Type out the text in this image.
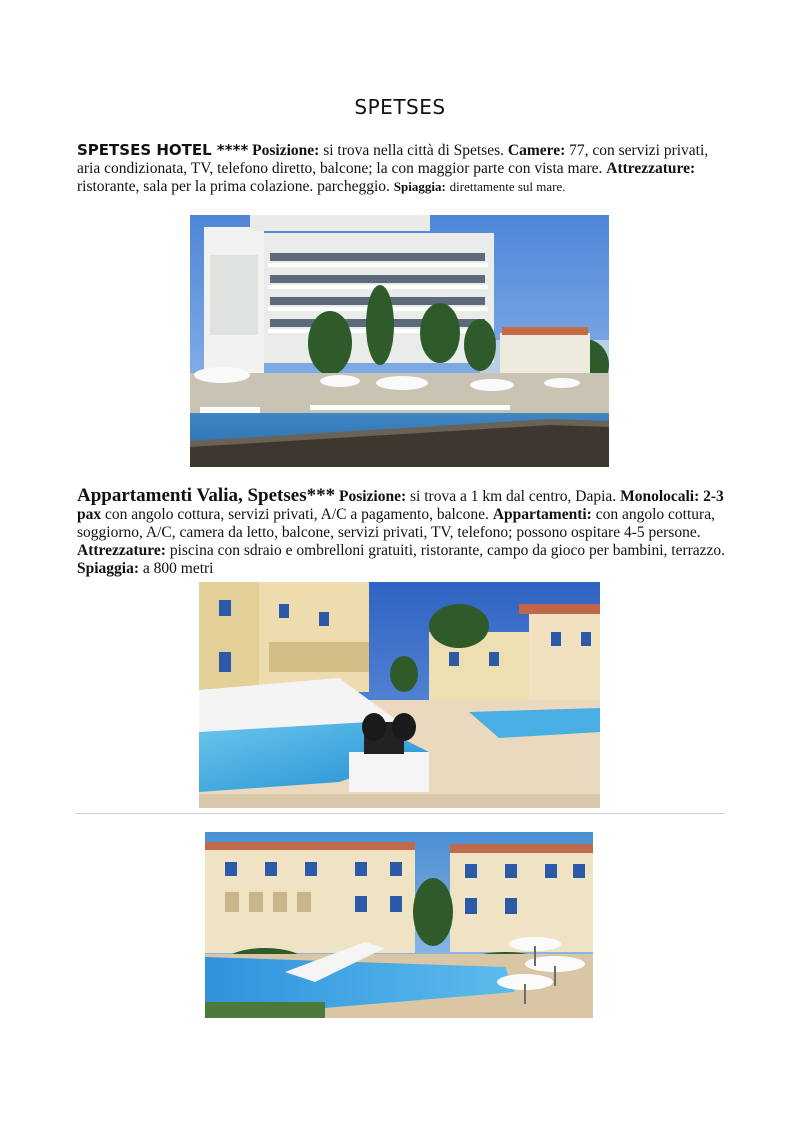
SPETSES
SPETSES HOTEL **** Posizione: si trova nella città di Spetses. Camere: 77, con servizi privati, aria condizionata, TV, telefono diretto, balcone; la con maggior parte con vista mare. Attrezzature: ristorante, sala per la prima colazione. parcheggio. Spiaggia: direttamente sul mare.
Appartamenti Valia, Spetses*** Posizione: si trova a 1 km dal centro, Dapia. Monolocali: 2-3 pax con angolo cottura, servizi privati, A/C a pagamento, balcone. Appartamenti: con angolo cottura, soggiorno, A/C, camera da letto, balcone, servizi privati, TV, telefono; possono ospitare 4-5 persone. Attrezzature: piscina con sdraio e ombrelloni gratuiti, ristorante, campo da gioco per bambini, terrazzo. Spiaggia: a 800 metri
